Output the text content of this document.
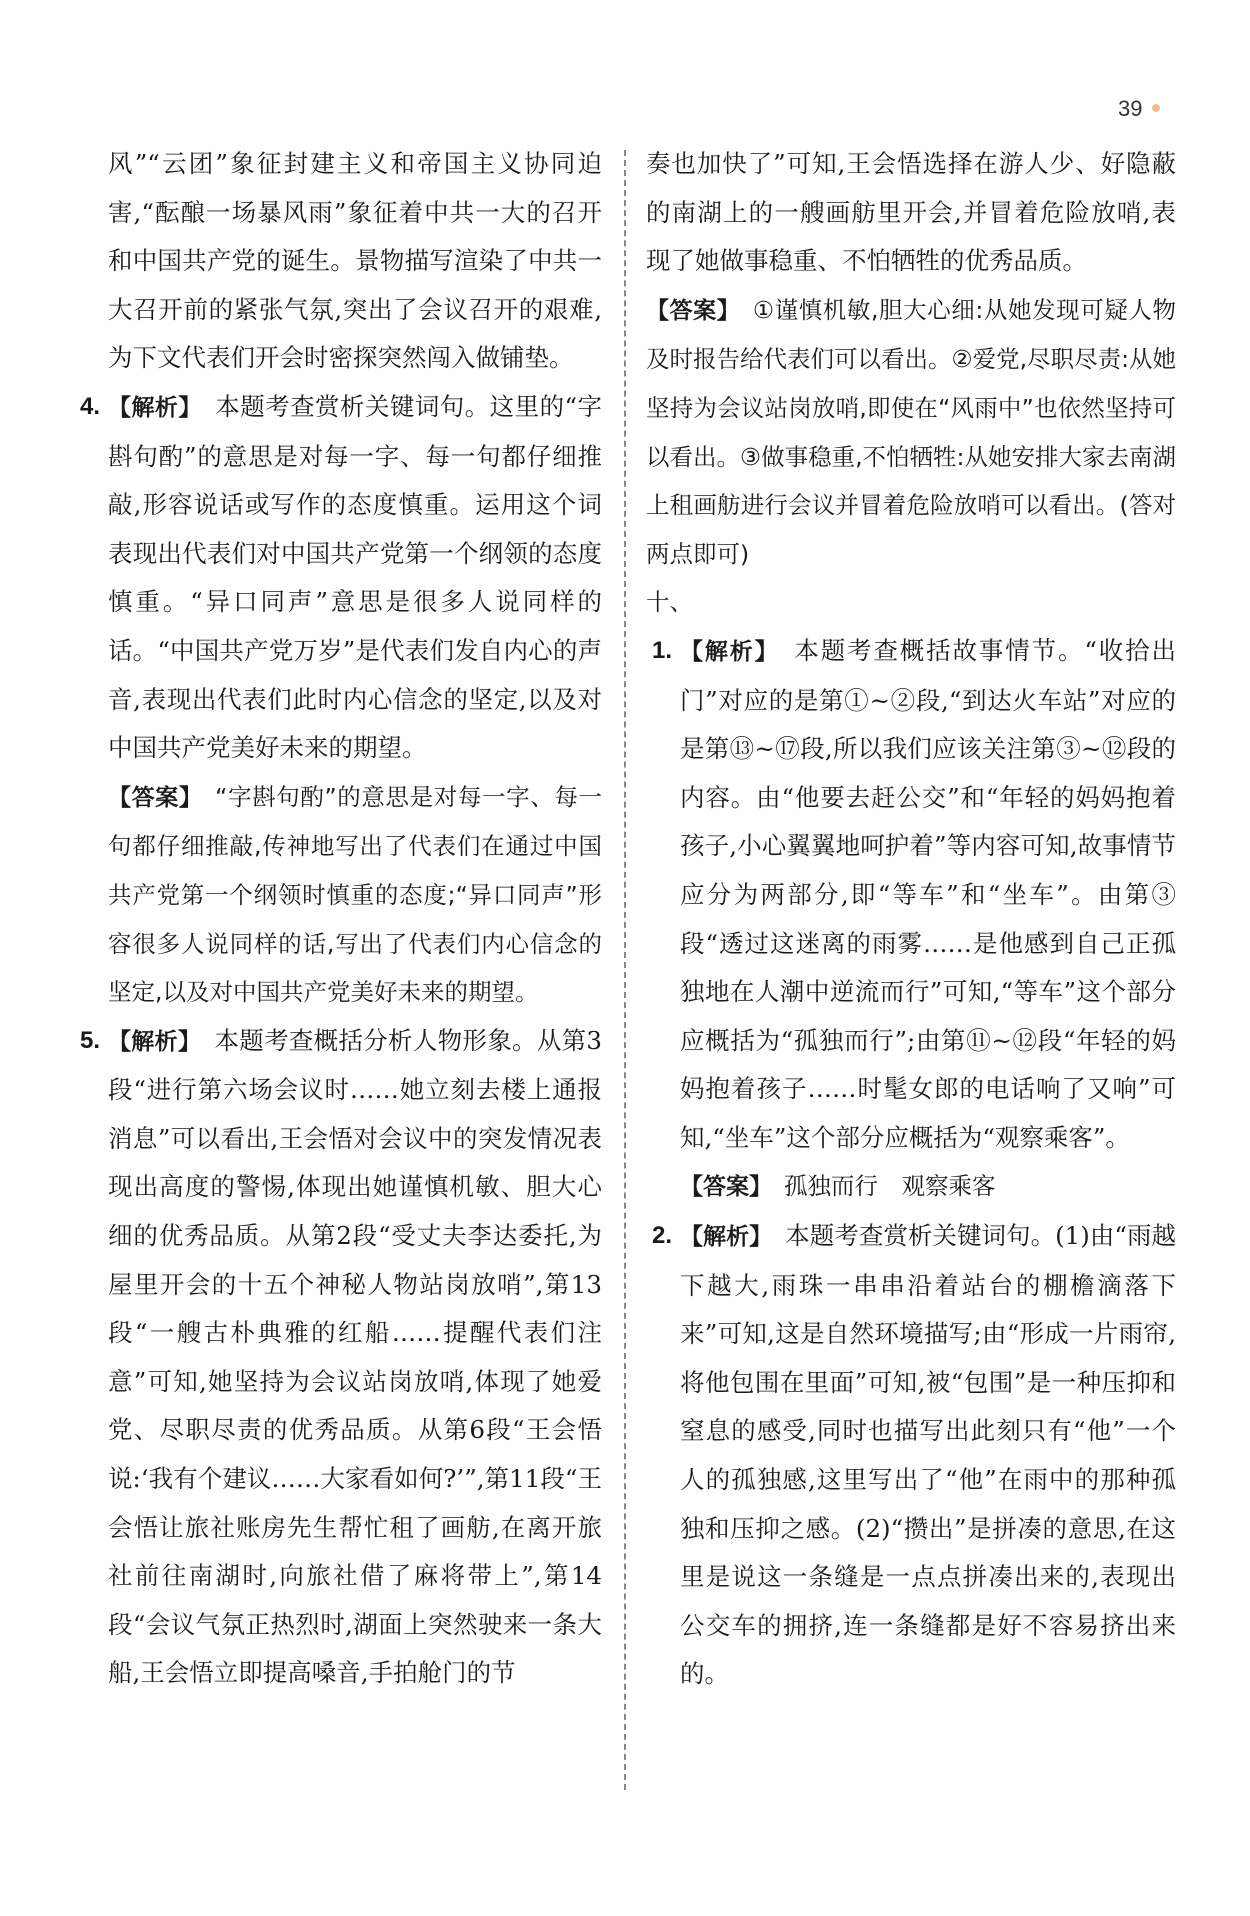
39
风”“云团”象征封建主义和帝国主义协同迫害,“酝酿一场暴风雨”象征着中共一大的召开和中国共产党的诞生。景物描写渲染了中共一大召开前的紧张气氛,突出了会议召开的艰难,为下文代表们开会时密探突然闯入做铺垫。
4. 【解析】　 本题考查赏析关键词句。这里的“字斟句酌”的意思是对每一字、每一句都仔细推敲,形容说话或写作的态度慎重。运用这个词表现出代表们对中国共产党第一个纲领的态度慎重。“异口同声”意思是很多人说同样的话。“中国共产党万岁”是代表们发自内心的声音,表现出代表们此时内心信念的坚定,以及对中国共产党美好未来的期望。
【答案】　 “字斟句酌”的意思是对每一字、每一句都仔细推敲,传神地写出了代表们在通过中国共产党第一个纲领时慎重的态度;“异口同声”形容很多人说同样的话,写出了代表们内心信念的坚定,以及对中国共产党美好未来的期望。
5. 【解析】　 本题考查概括分析人物形象。从第3段“进行第六场会议时……她立刻去楼上通报消息”可以看出,王会悟对会议中的突发情况表现出高度的警惕,体现出她谨慎机敏、胆大心细的优秀品质。从第2段“受丈夫李达委托,为屋里开会的十五个神秘人物站岗放哨”,第13段“一艘古朴典雅的红船……提醒代表们注意”可知,她坚持为会议站岗放哨,体现了她爱党、尽职尽责的优秀品质。从第6段“王会悟说:‘我有个建议……大家看如何?’”,第11段“王会悟让旅社账房先生帮忙租了画舫,在离开旅社前往南湖时,向旅社借了麻将带上”,第14段“会议气氛正热烈时,湖面上突然驶来一条大船,王会悟立即提高嗓音,手拍舱门的节
奏也加快了”可知,王会悟选择在游人少、好隐蔽的南湖上的一艘画舫里开会,并冒着危险放哨,表现了她做事稳重、不怕牺牲的优秀品质。
【答案】　 ①谨慎机敏,胆大心细:从她发现可疑人物及时报告给代表们可以看出。②爱党,尽职尽责:从她坚持为会议站岗放哨,即使在“风雨中”也依然坚持可以看出。③做事稳重,不怕牺牲:从她安排大家去南湖上租画舫进行会议并冒着危险放哨可以看出。(答对两点即可)
十、
1. 【解析】　 本题考查概括故事情节。“收拾出门”对应的是第①~②段,“到达火车站”对应的是第⑬~⑰段,所以我们应该关注第③~⑫段的内容。由“他要去赶公交”和“年轻的妈妈抱着孩子,小心翼翼地呵护着”等内容可知,故事情节应分为两部分,即“等车”和“坐车”。由第③段“透过这迷离的雨雾……是他感到自己正孤独地在人潮中逆流而行”可知,“等车”这个部分应概括为“孤独而行”;由第⑪~⑫段“年轻的妈妈抱着孩子……时髦女郎的电话响了又响”可知,“坐车”这个部分应概括为“观察乘客”。
【答案】　 孤独而行　观察乘客
2. 【解析】　 本题考查赏析关键词句。(1)由“雨越下越大,雨珠一串串沿着站台的棚檐滴落下来”可知,这是自然环境描写;由“形成一片雨帘,将他包围在里面”可知,被“包围”是一种压抑和窒息的感受,同时也描写出此刻只有“他”一个人的孤独感,这里写出了“他”在雨中的那种孤独和压抑之感。(2)“攒出”是拼凑的意思,在这里是说这一条缝是一点点拼凑出来的,表现出公交车的拥挤,连一条缝都是好不容易挤出来的。
